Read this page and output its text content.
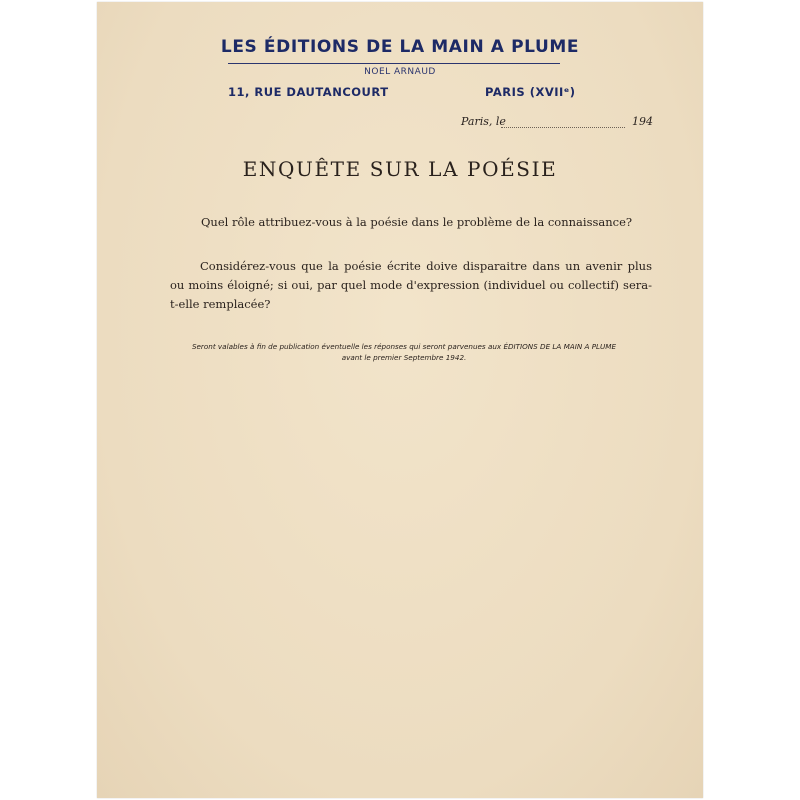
LES ÉDITIONS DE LA MAIN A PLUME
NOEL ARNAUD
11, RUE DAUTANCOURT	PARIS (XVIIᵉ)
Paris, le	194
ENQUÊTE SUR LA POÉSIE
Quel rôle attribuez-vous à la poésie dans le problème de la connaissance?
Considérez-vous que la poésie écrite doive disparaitre dans un avenir plus ou moins éloigné; si oui, par quel mode d'expression (individuel ou collectif) sera-t-elle remplacée?
Seront valables à fin de publication éventuelle les réponses qui seront parvenues aux ÉDITIONS DE LA MAIN A PLUME
avant le premier Septembre 1942.
